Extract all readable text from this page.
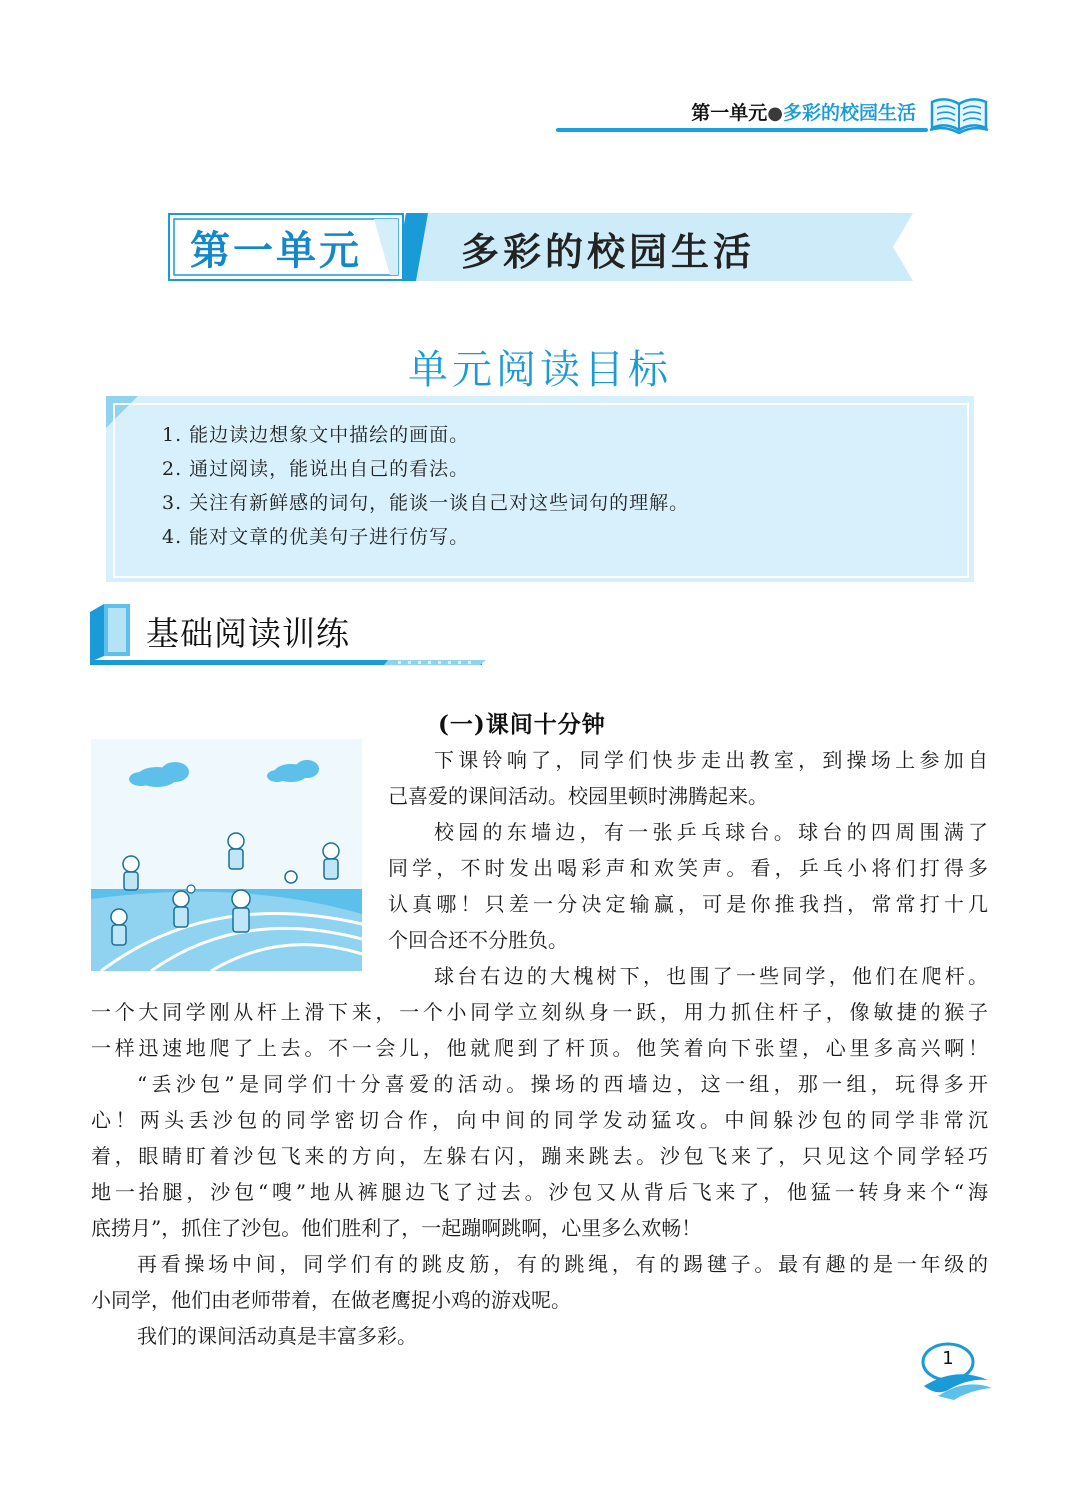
第一单元●多彩的校园生活
第一单元	多彩的校园生活
单元阅读目标
1. 能边读边想象文中描绘的画面。
2. 通过阅读，能说出自己的看法。
3. 关注有新鲜感的词句，能谈一谈自己对这些词句的理解。
4. 能对文章的优美句子进行仿写。
基础阅读训练
(一)课间十分钟
下课铃响了，同学们快步走出教室，到操场上参加自
己喜爱的课间活动。校园里顿时沸腾起来。
校园的东墙边，有一张乒乓球台。球台的四周围满了
同学，不时发出喝彩声和欢笑声。看，乒乓小将们打得多
认真哪！只差一分决定输赢，可是你推我挡，常常打十几
个回合还不分胜负。
球台右边的大槐树下，也围了一些同学，他们在爬杆。
一个大同学刚从杆上滑下来，一个小同学立刻纵身一跃，用力抓住杆子，像敏捷的猴子
一样迅速地爬了上去。不一会儿，他就爬到了杆顶。他笑着向下张望，心里多高兴啊！
“丢沙包”是同学们十分喜爱的活动。操场的西墙边，这一组，那一组，玩得多开
心！两头丢沙包的同学密切合作，向中间的同学发动猛攻。中间躲沙包的同学非常沉
着，眼睛盯着沙包飞来的方向，左躲右闪，蹦来跳去。沙包飞来了，只见这个同学轻巧
地一抬腿，沙包“嗖”地从裤腿边飞了过去。沙包又从背后飞来了，他猛一转身来个“海
底捞月”，抓住了沙包。他们胜利了，一起蹦啊跳啊，心里多么欢畅！
再看操场中间，同学们有的跳皮筋，有的跳绳，有的踢毽子。最有趣的是一年级的
小同学，他们由老师带着，在做老鹰捉小鸡的游戏呢。
我们的课间活动真是丰富多彩。
1
